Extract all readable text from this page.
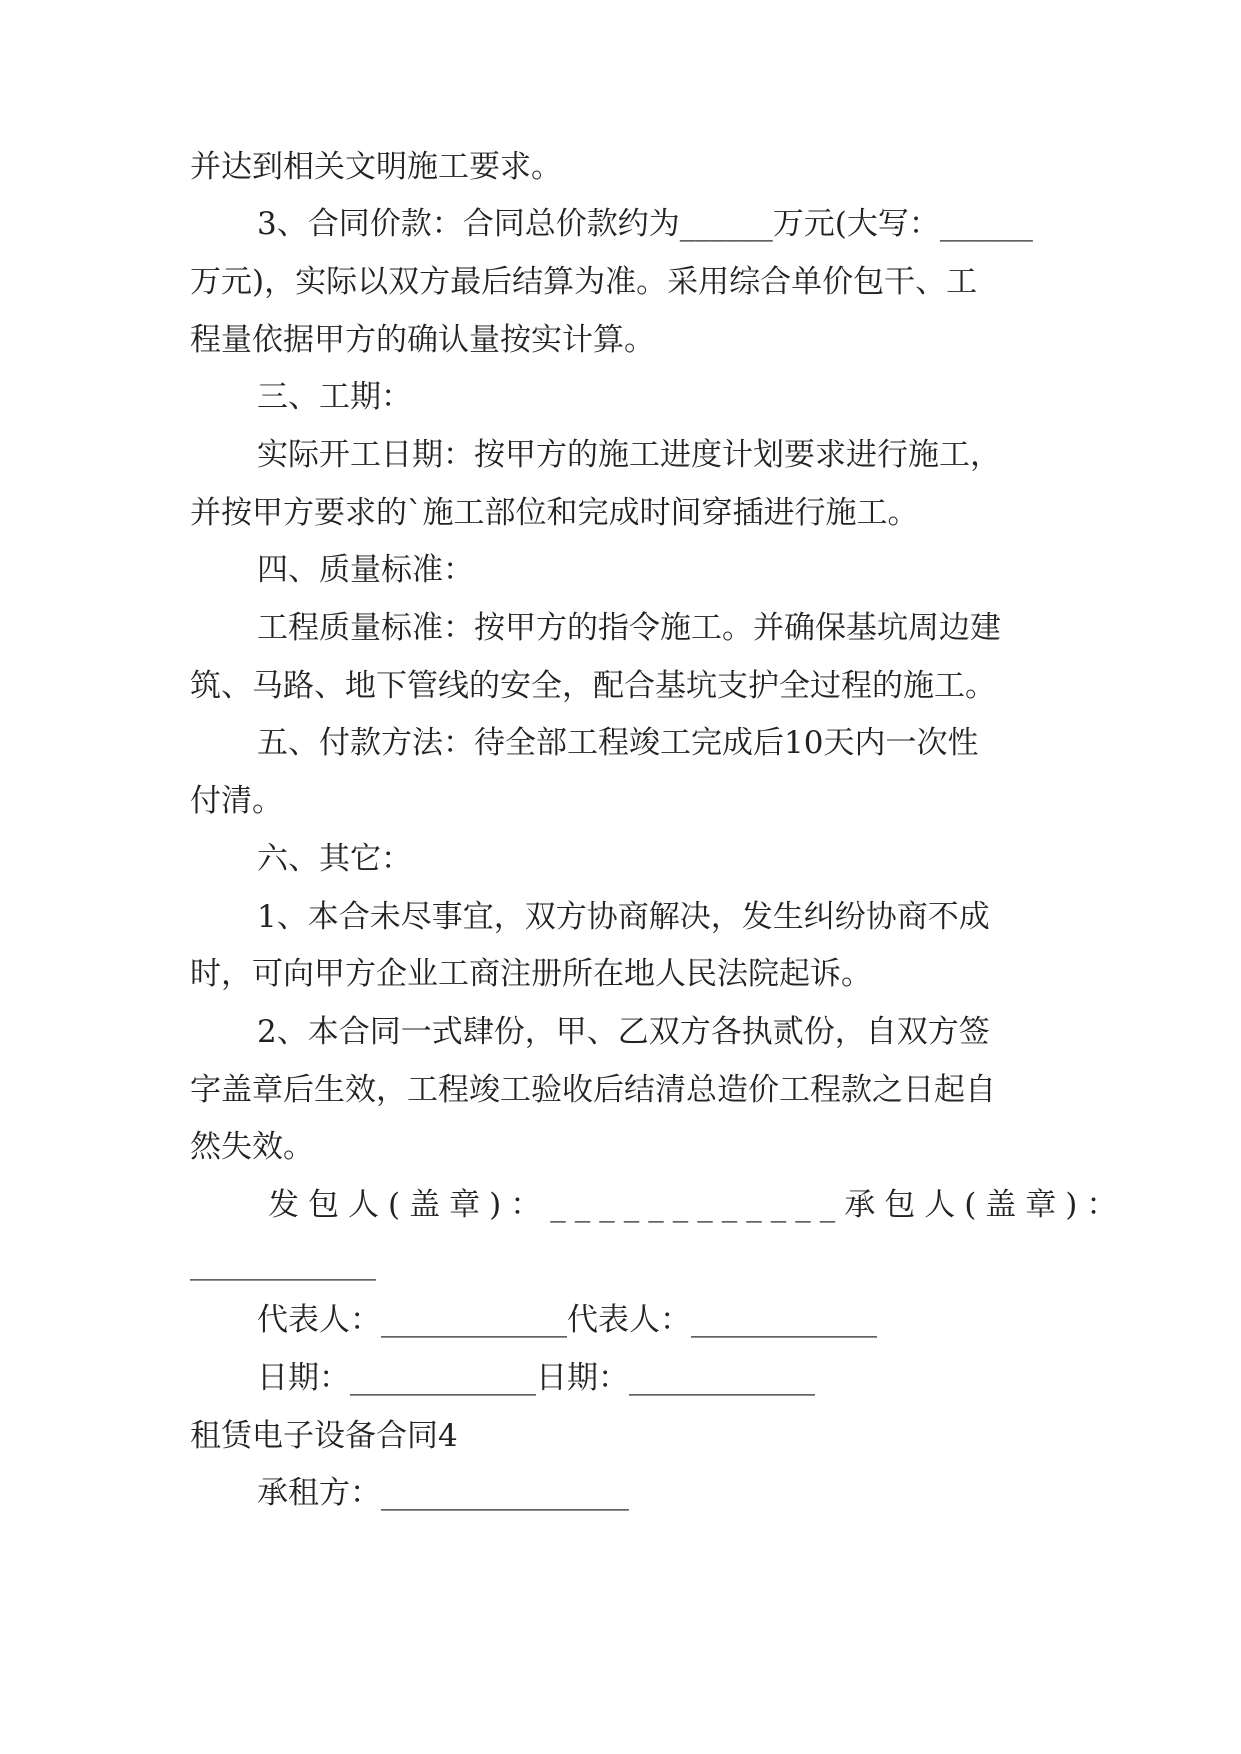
并达到相关文明施工要求。
3、合同价款：合同总价款约为______万元(大写：______
万元)，实际以双方最后结算为准。采用综合单价包干、工
程量依据甲方的确认量按实计算。
三、工期：
实际开工日期：按甲方的施工进度计划要求进行施工，
并按甲方要求的`施工部位和完成时间穿插进行施工。
四、质量标准：
工程质量标准：按甲方的指令施工。并确保基坑周边建
筑、马路、地下管线的安全，配合基坑支护全过程的施工。
五、付款方法：待全部工程竣工完成后10天内一次性
付清。
六、其它：
1、本合未尽事宜，双方协商解决，发生纠纷协商不成
时，可向甲方企业工商注册所在地人民法院起诉。
2、本合同一式肆份，甲、乙双方各执贰份，自双方签
字盖章后生效，工程竣工验收后结清总造价工程款之日起自
然失效。
发包人(盖章)：____________承包人(盖章)：
____________
代表人：____________代表人：____________
日期：____________日期：____________
租赁电子设备合同4
承租方：________________
